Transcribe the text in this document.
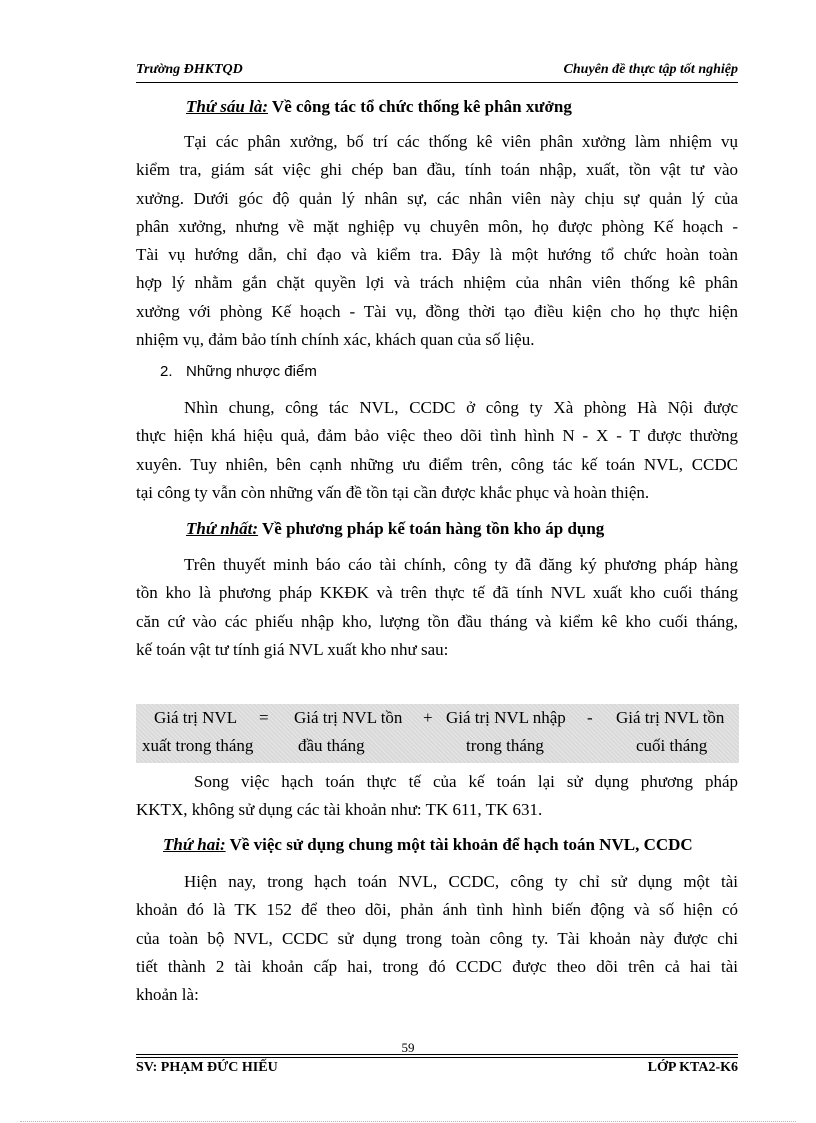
Trường ĐHKTQD	Chuyên đề thực tập tốt nghiệp
Thứ sáu là: Về công tác tổ chức thống kê phân xưởng
Tại các phân xưởng, bố trí các thống kê viên phân xưởng làm nhiệm vụ
kiểm tra, giám sát việc ghi chép ban đầu, tính toán nhập, xuất, tồn vật tư vào
xưởng. Dưới góc độ quản lý nhân sự, các nhân viên này chịu sự quản lý của
phân xưởng, nhưng về mặt nghiệp vụ chuyên môn, họ được phòng Kế hoạch -
Tài vụ hướng dẫn, chỉ đạo và kiểm tra. Đây là một hướng tổ chức hoàn toàn
hợp lý nhằm gắn chặt quyền lợi và trách nhiệm của nhân viên thống kê phân
xưởng với phòng Kế hoạch - Tài vụ, đồng thời tạo điều kiện cho họ thực hiện
nhiệm vụ, đảm bảo tính chính xác, khách quan của số liệu.
2. Những nhược điểm
Nhìn chung, công tác NVL, CCDC ở công ty Xà phòng Hà Nội được
thực hiện khá hiệu quả, đảm bảo việc theo dõi tình hình N - X - T được thường
xuyên. Tuy nhiên, bên cạnh những ưu điểm trên, công tác kế toán NVL, CCDC
tại công ty vẫn còn những vấn đề tồn tại cần được khắc phục và hoàn thiện.
Thứ nhất: Về phương pháp kế toán hàng tồn kho áp dụng
Trên thuyết minh báo cáo tài chính, công ty đã đăng ký phương pháp hàng
tồn kho là phương pháp KKĐK và trên thực tế đã tính NVL xuất kho cuối tháng
căn cứ vào các phiếu nhập kho, lượng tồn đầu tháng và kiểm kê kho cuối tháng,
kế toán vật tư tính giá NVL xuất kho như sau:
Giá trị NVL
xuất trong tháng
= Giá trị NVL tồn
đầu tháng
+ Giá trị NVL nhập
trong tháng
- Giá trị NVL tồn
cuối tháng
Song việc hạch toán thực tế của kế toán lại sử dụng phương pháp
KKTX, không sử dụng các tài khoản như: TK 611, TK 631.
Thứ hai: Về việc sử dụng chung một tài khoản để hạch toán NVL, CCDC
Hiện nay, trong hạch toán NVL, CCDC, công ty chỉ sử dụng một tài
khoản đó là TK 152 để theo dõi, phản ánh tình hình biến động và số hiện có
của toàn bộ NVL, CCDC sử dụng trong toàn công ty. Tài khoản này được chi
tiết thành 2 tài khoản cấp hai, trong đó CCDC được theo dõi trên cả hai tài
khoản là:
59
SV: PHẠM ĐỨC HIẾU	LỚP KTA2-K6
